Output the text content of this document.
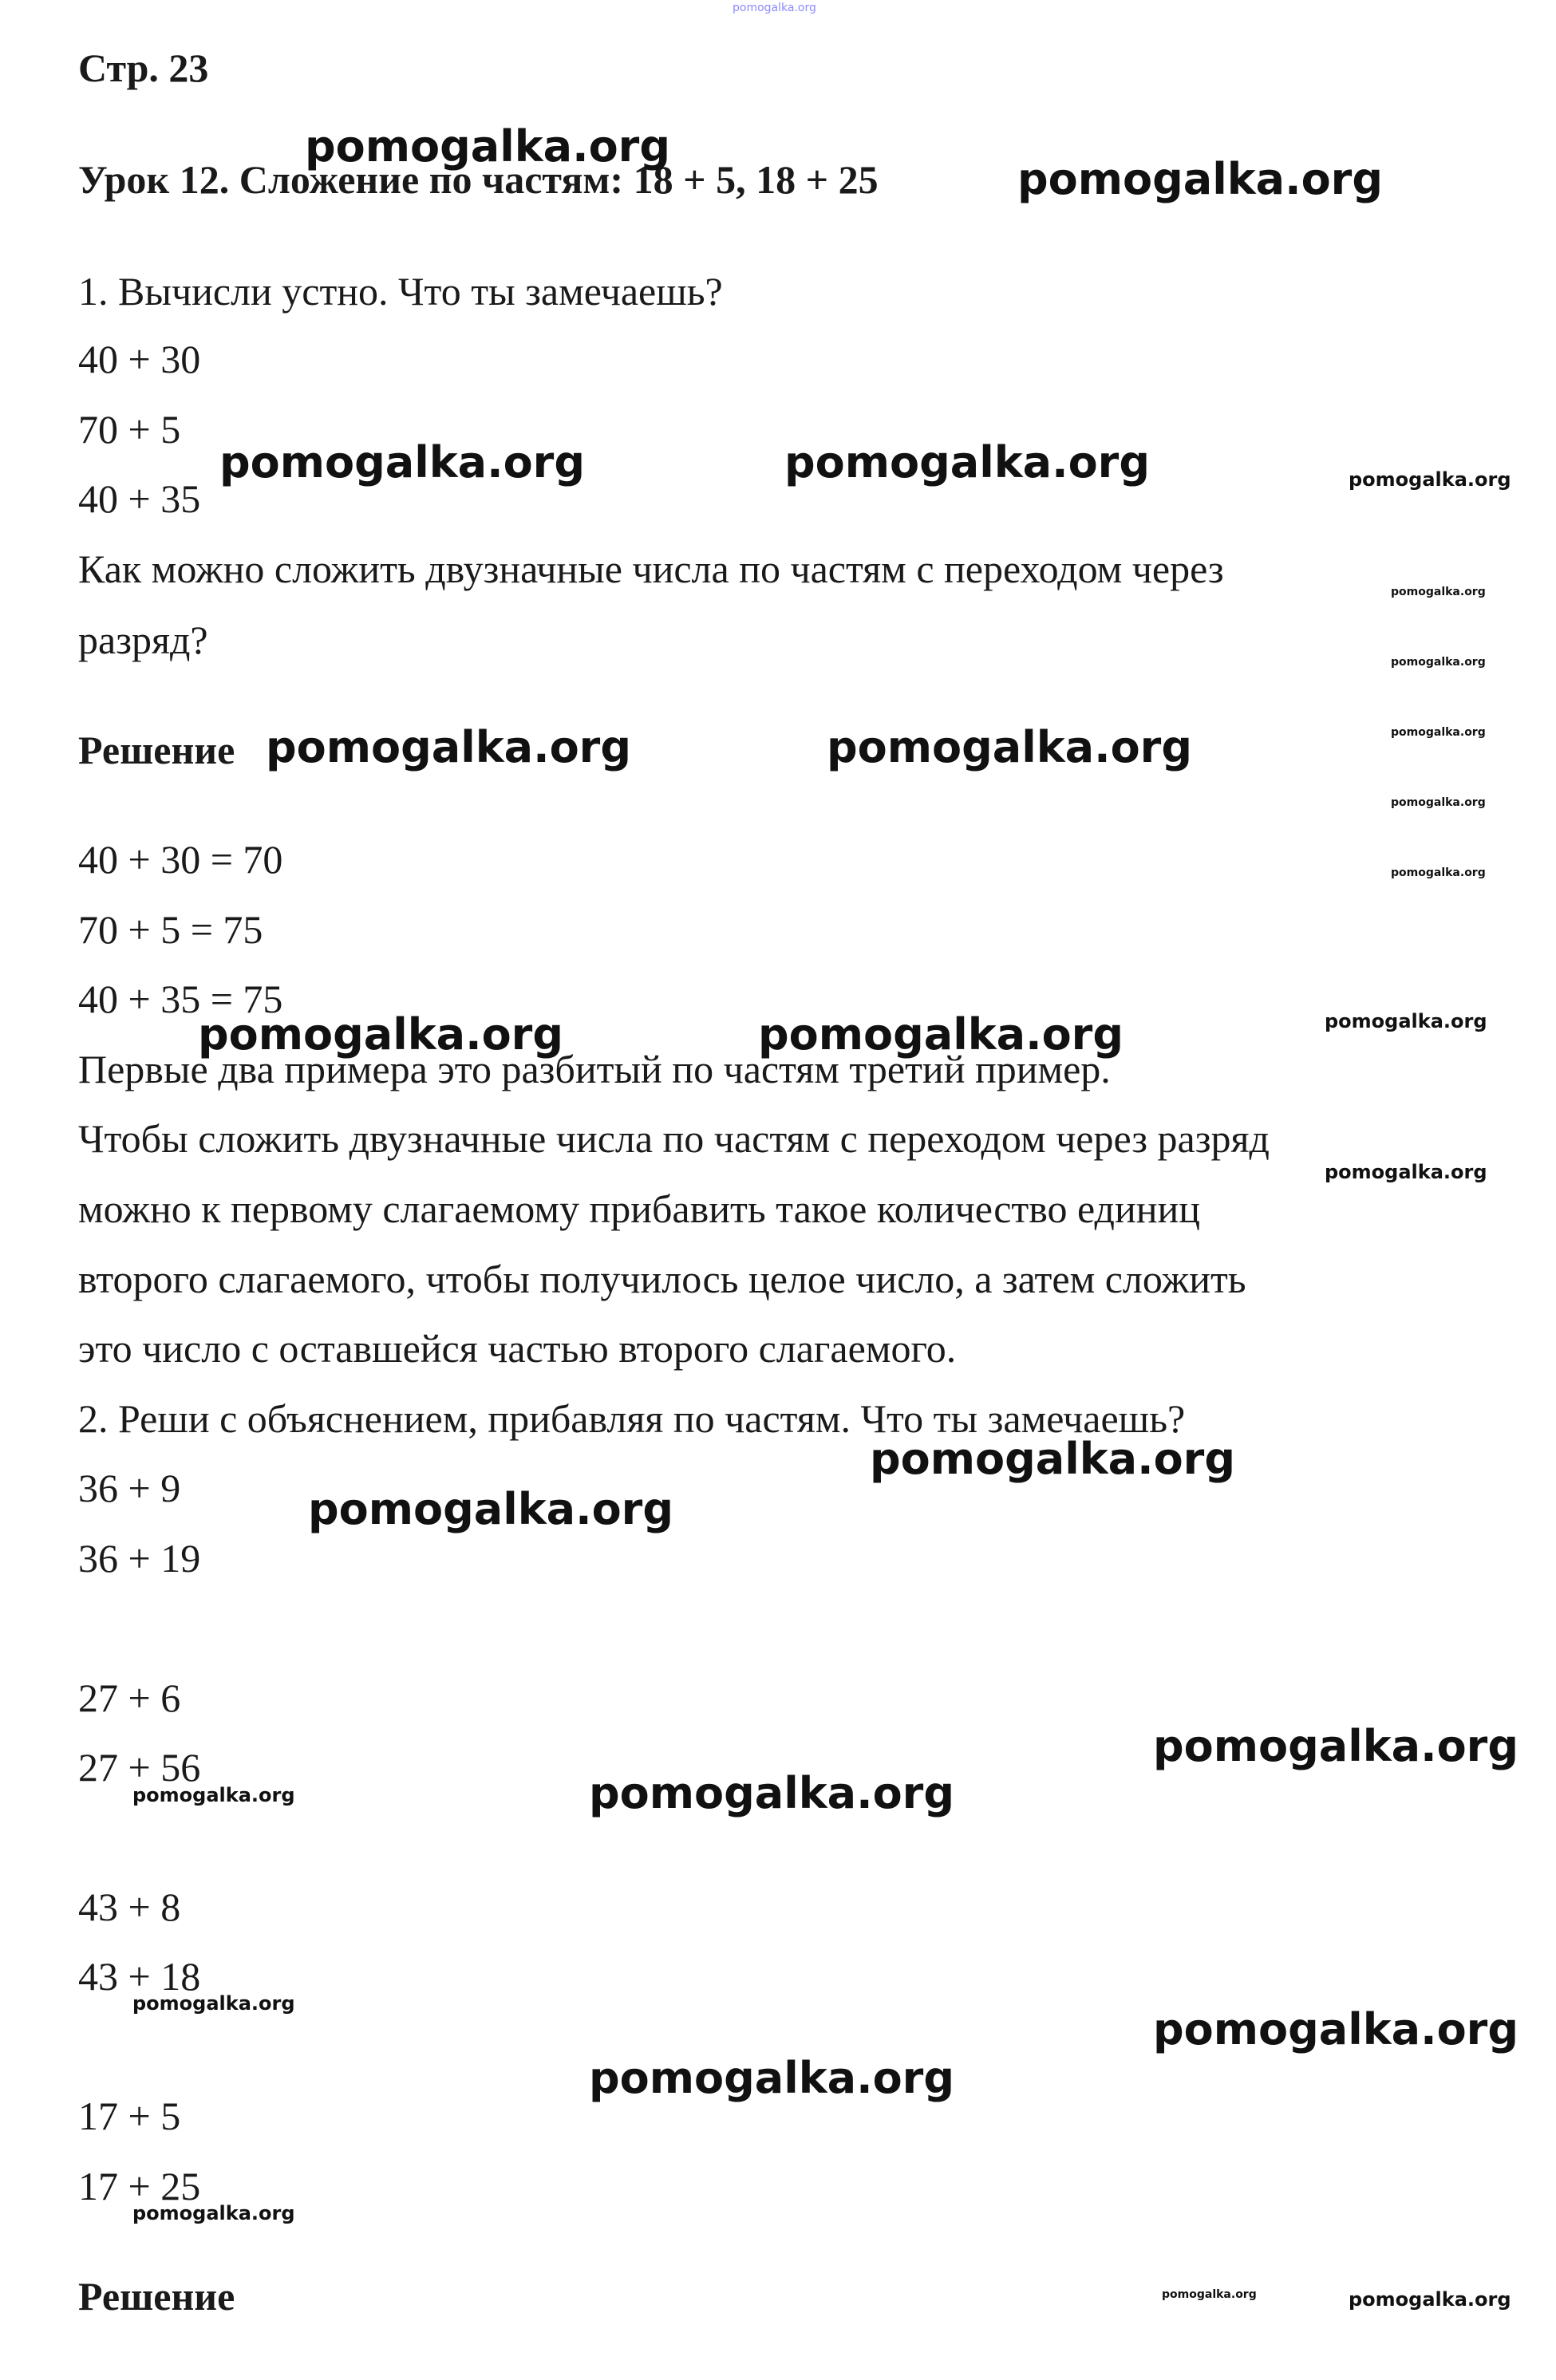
pomogalka.org
Стр. 23
Урок 12. Сложение по частям: 18 + 5, 18 + 25
1. Вычисли устно. Что ты замечаешь?
40 + 30
70 + 5
40 + 35
Как можно сложить двузначные числа по частям с переходом через
разряд?
Решение
40 + 30 = 70
70 + 5 = 75
40 + 35 = 75
Первые два примера это разбитый по частям третий пример.
Чтобы сложить двузначные числа по частям с переходом через разряд
можно к первому слагаемому прибавить такое количество единиц
второго слагаемого, чтобы получилось целое число, а затем сложить
это число с оставшейся частью второго слагаемого.
2. Реши с объяснением, прибавляя по частям. Что ты замечаешь?
36 + 9
36 + 19
27 + 6
27 + 56
43 + 8
43 + 18
17 + 5
17 + 25
Решение
pomogalka.org
pomogalka.org
pomogalka.org	pomogalka.org
pomogalka.org	pomogalka.org
pomogalka.org	pomogalka.org
pomogalka.org
pomogalka.org
pomogalka.org
pomogalka.org
pomogalka.org
pomogalka.org
pomogalka.org
pomogalka.org
pomogalka.org
pomogalka.org
pomogalka.org
pomogalka.org
pomogalka.org
pomogalka.org
pomogalka.org
pomogalka.org
pomogalka.org
pomogalka.org
pomogalka.org
